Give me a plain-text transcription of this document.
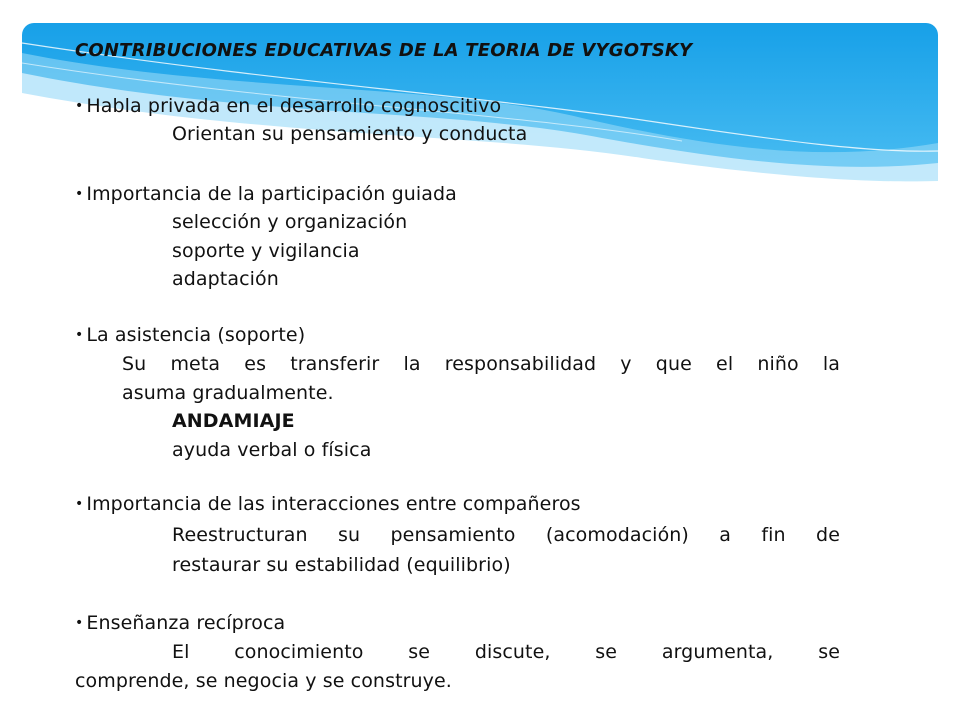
CONTRIBUCIONES EDUCATIVAS DE LA TEORIA DE VYGOTSKY
• Habla privada en el desarrollo cognoscitivo
Orientan su pensamiento y conducta
• Importancia de la participación guiada
selección y organización
soporte y vigilancia
adaptación
• La asistencia (soporte)
Su meta es transferir la responsabilidad y que el niño la
asuma gradualmente.
ANDAMIAJE
ayuda verbal o física
• Importancia de las interacciones entre compañeros
Reestructuran su pensamiento (acomodación) a fin de
restaurar su estabilidad (equilibrio)
• Enseñanza recíproca
El conocimiento se discute, se argumenta, se
comprende, se negocia y se construye.
